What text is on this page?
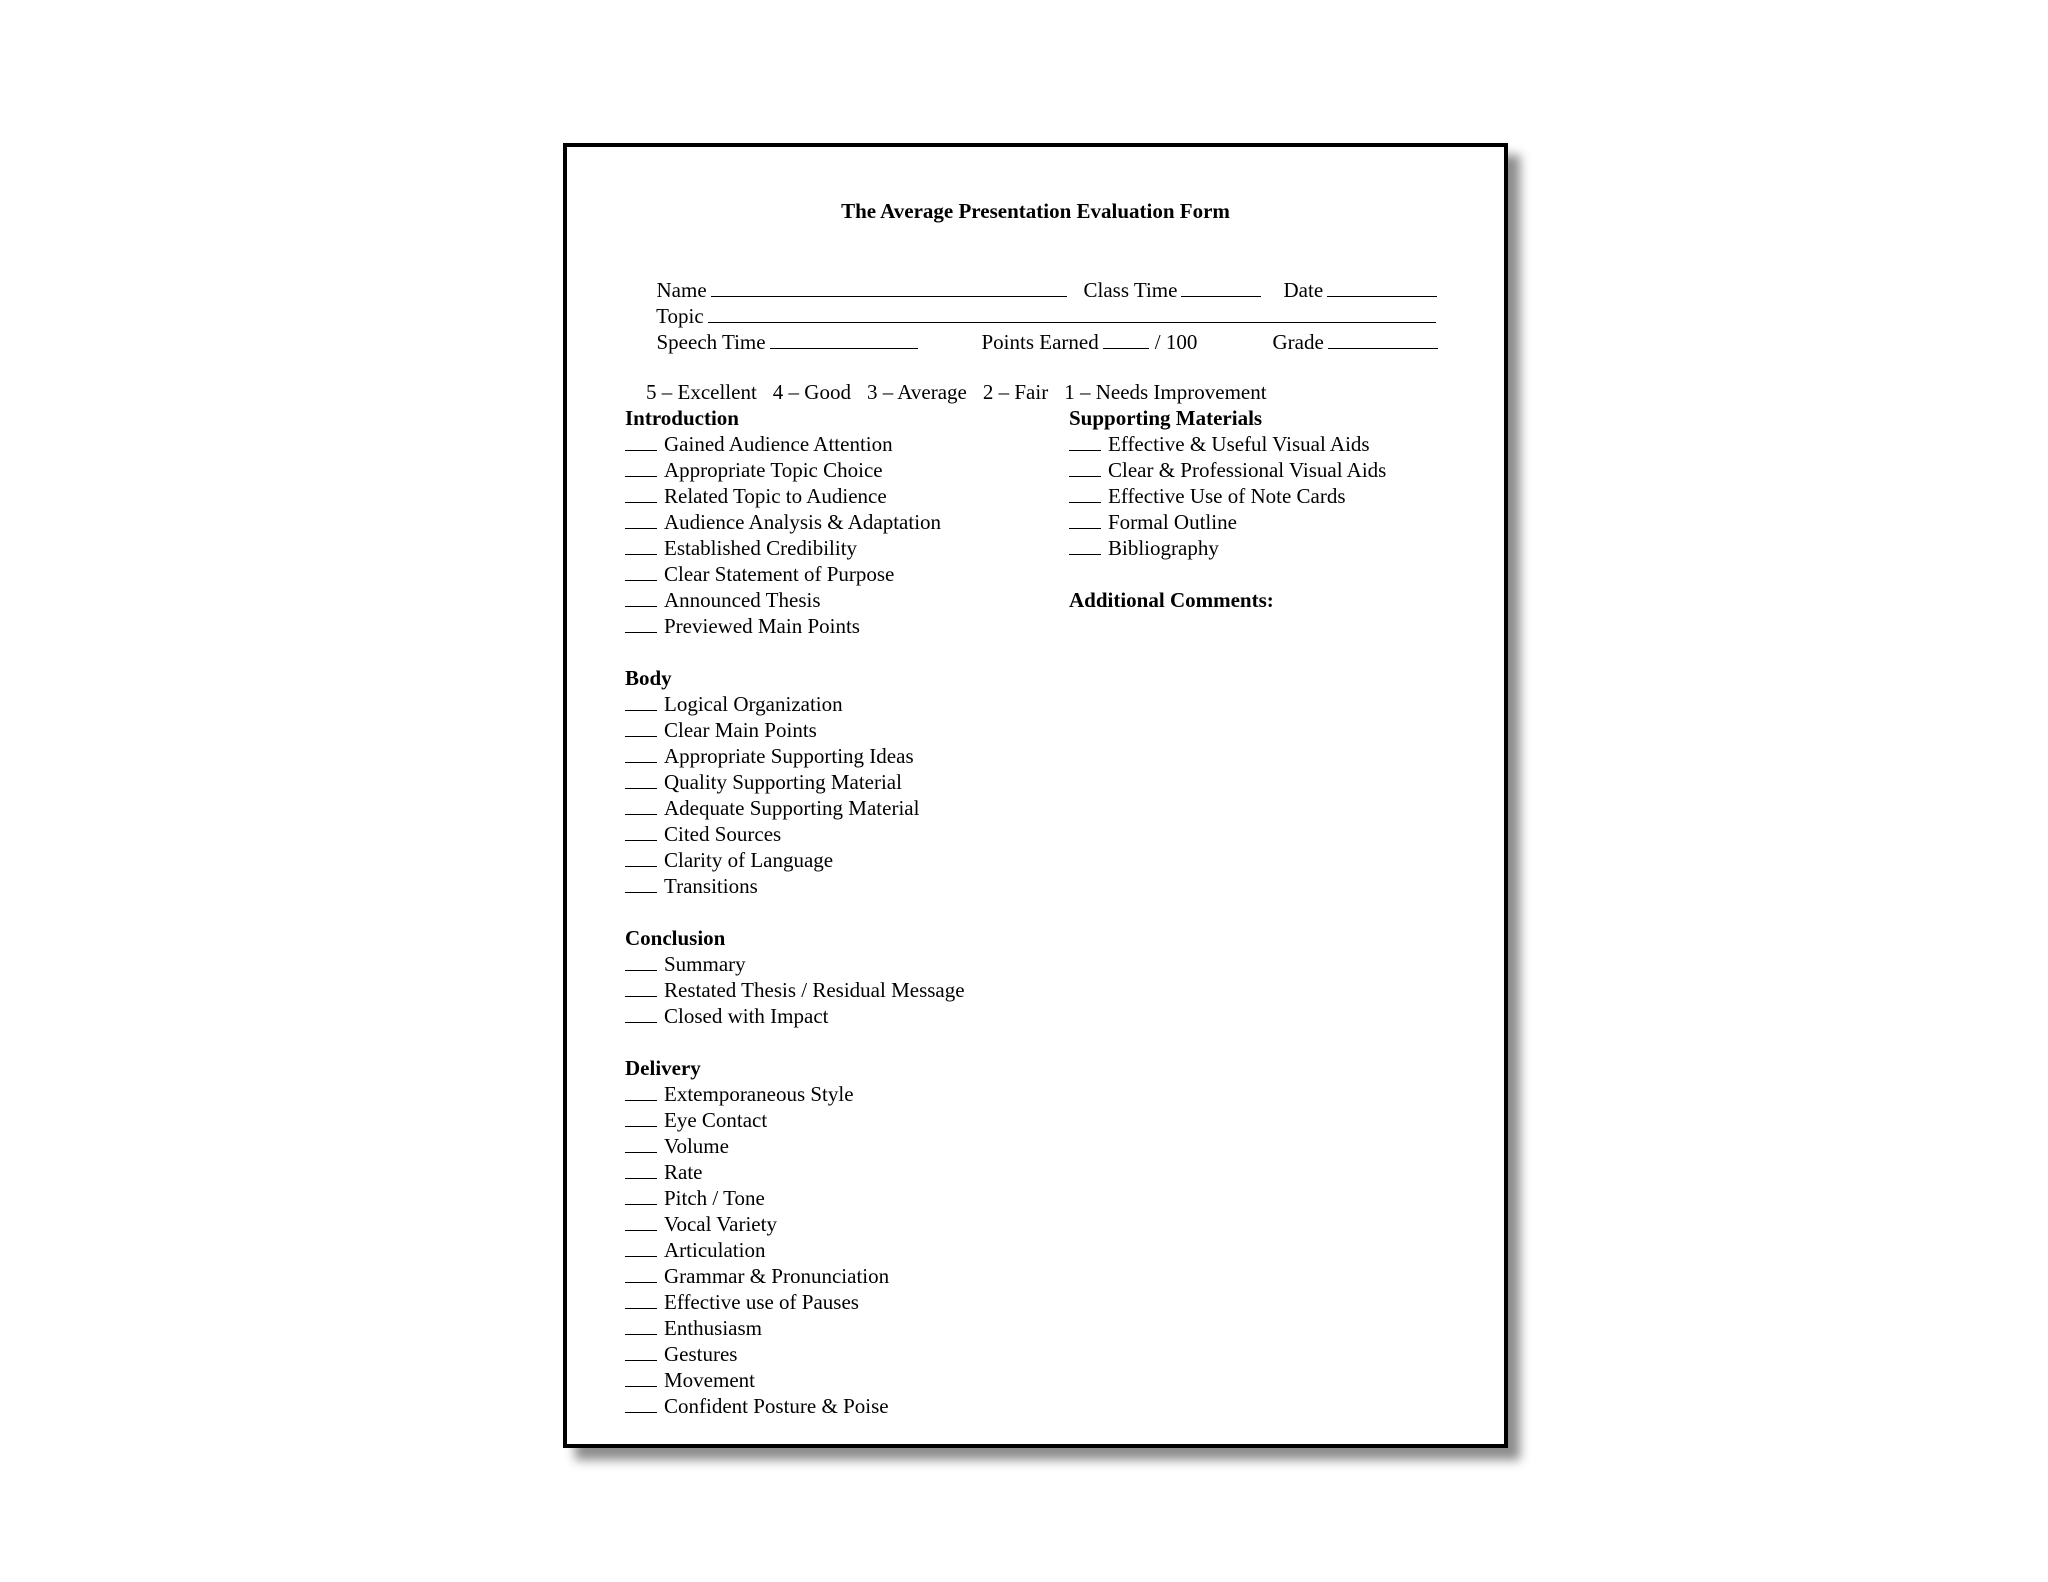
The Average Presentation Evaluation Form

Name

	Class Time

	Date

Topic

Speech Time

	Points Earned	/ 100

	Grade

5 – Excellent 4 – Good 3 – Average 2 – Fair 1 – Needs Improvement

Introduction
Gained Audience Attention
Appropriate Topic Choice
Related Topic to Audience
Audience Analysis & Adaptation
Established Credibility
Clear Statement of Purpose
Announced Thesis
Previewed Main Points
Body
Logical Organization
Clear Main Points
Appropriate Supporting Ideas
Quality Supporting Material
Adequate Supporting Material
Cited Sources
Clarity of Language
Transitions
Conclusion
Summary
Restated Thesis / Residual Message
Closed with Impact
Delivery
Extemporaneous Style
Eye Contact
Volume
Rate
Pitch / Tone
Vocal Variety
Articulation
Grammar & Pronunciation
Effective use of Pauses
Enthusiasm
Gestures
Movement
Confident Posture & Poise
Supporting Materials
Effective & Useful Visual Aids
Clear & Professional Visual Aids
Effective Use of Note Cards
Formal Outline
Bibliography
Additional Comments:
